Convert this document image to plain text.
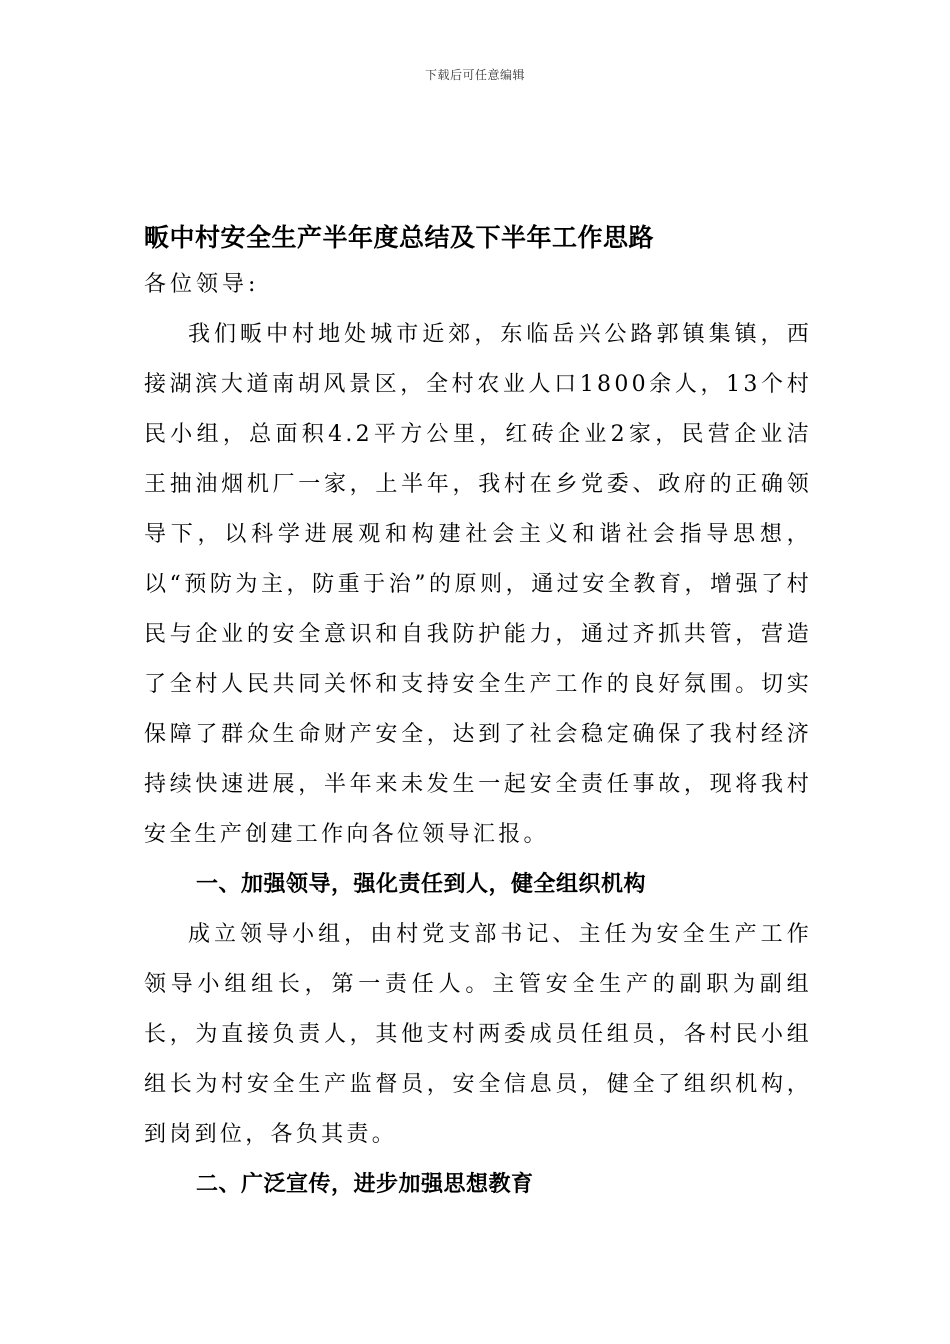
下载后可任意编辑
畈中村安全生产半年度总结及下半年工作思路

各位领导:

我们畈中村地处城市近郊，东临岳兴公路郭镇集镇，西接湖滨大道南胡风景区，全村农业人口1800余人，13个村民小组，总面积4.2平方公里，红砖企业2家，民营企业洁王抽油烟机厂一家，上半年，我村在乡党委、政府的正确领导下，以科学进展观和构建社会主义和谐社会指导思想，以“预防为主，防重于治”的原则，通过安全教育，增强了村民与企业的安全意识和自我防护能力，通过齐抓共管，营造了全村人民共同关怀和支持安全生产工作的良好氛围。切实保障了群众生命财产安全，达到了社会稳定确保了我村经济持续快速进展，半年来未发生一起安全责任事故，现将我村安全生产创建工作向各位领导汇报。

一、加强领导，强化责任到人，健全组织机构

成立领导小组，由村党支部书记、主任为安全生产工作领导小组组长，第一责任人。主管安全生产的副职为副组长，为直接负责人，其他支村两委成员任组员，各村民小组组长为村安全生产监督员，安全信息员，健全了组织机构，到岗到位，各负其责。

二、广泛宣传，进步加强思想教育
